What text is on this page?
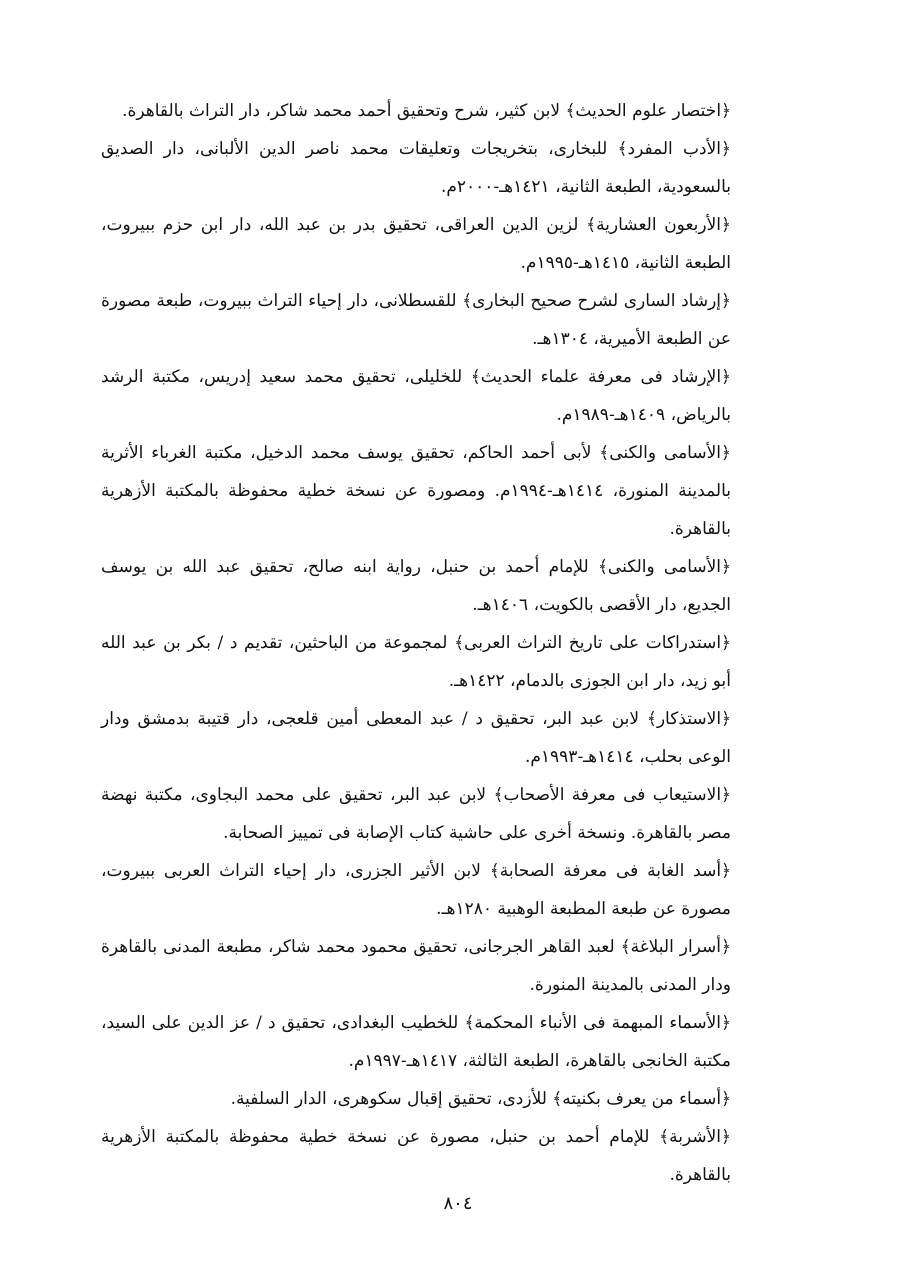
﴿اختصار علوم الحديث﴾ لابن كثير، شرح وتحقيق أحمد محمد شاكر، دار التراث بالقاهرة.

﴿الأدب المفرد﴾ للبخارى، بتخريجات وتعليقات محمد ناصر الدين الألبانى، دار الصديق بالسعودية، الطبعة الثانية، ١٤٢١هـ-٢٠٠٠م.

﴿الأربعون العشارية﴾ لزين الدين العراقى، تحقيق بدر بن عبد الله، دار ابن حزم ببيروت، الطبعة الثانية، ١٤١٥هـ-١٩٩٥م.

﴿إرشاد السارى لشرح صحيح البخارى﴾ للقسطلانى، دار إحياء التراث ببيروت، طبعة مصورة عن الطبعة الأميرية، ١٣٠٤هـ.

﴿الإرشاد فى معرفة علماء الحديث﴾ للخليلى، تحقيق محمد سعيد إدريس، مكتبة الرشد بالرياض، ١٤٠٩هـ-١٩٨٩م.

﴿الأسامى والكنى﴾ لأبى أحمد الحاكم، تحقيق يوسف محمد الدخيل، مكتبة الغرباء الأثرية بالمدينة المنورة، ١٤١٤هـ-١٩٩٤م. ومصورة عن نسخة خطية محفوظة بالمكتبة الأزهرية بالقاهرة.

﴿الأسامى والكنى﴾ للإمام أحمد بن حنبل، رواية ابنه صالح، تحقيق عبد الله بن يوسف الجديع، دار الأقصى بالكويت، ١٤٠٦هـ.

﴿استدراكات على تاريخ التراث العربى﴾ لمجموعة من الباحثين، تقديم د / بكر بن عبد الله أبو زيد، دار ابن الجوزى بالدمام، ١٤٢٢هـ.

﴿الاستذكار﴾ لابن عبد البر، تحقيق د / عبد المعطى أمين قلعجى، دار قتيبة بدمشق ودار الوعى بحلب، ١٤١٤هـ-١٩٩٣م.

﴿الاستيعاب فى معرفة الأصحاب﴾ لابن عبد البر، تحقيق على محمد البجاوى، مكتبة نهضة مصر بالقاهرة. ونسخة أخرى على حاشية كتاب الإصابة فى تمييز الصحابة.

﴿أسد الغابة فى معرفة الصحابة﴾ لابن الأثير الجزرى، دار إحياء التراث العربى ببيروت، مصورة عن طبعة المطبعة الوهبية ١٢٨٠هـ.

﴿أسرار البلاغة﴾ لعبد القاهر الجرجانى، تحقيق محمود محمد شاكر، مطبعة المدنى بالقاهرة ودار المدنى بالمدينة المنورة.

﴿الأسماء المبهمة فى الأنباء المحكمة﴾ للخطيب البغدادى، تحقيق د / عز الدين على السيد، مكتبة الخانجى بالقاهرة، الطبعة الثالثة، ١٤١٧هـ-١٩٩٧م.

﴿أسماء من يعرف بكنيته﴾ للأزدى، تحقيق إقبال سكوهرى، الدار السلفية.

﴿الأشربة﴾ للإمام أحمد بن حنبل، مصورة عن نسخة خطية محفوظة بالمكتبة الأزهرية بالقاهرة.

٨٠٤
